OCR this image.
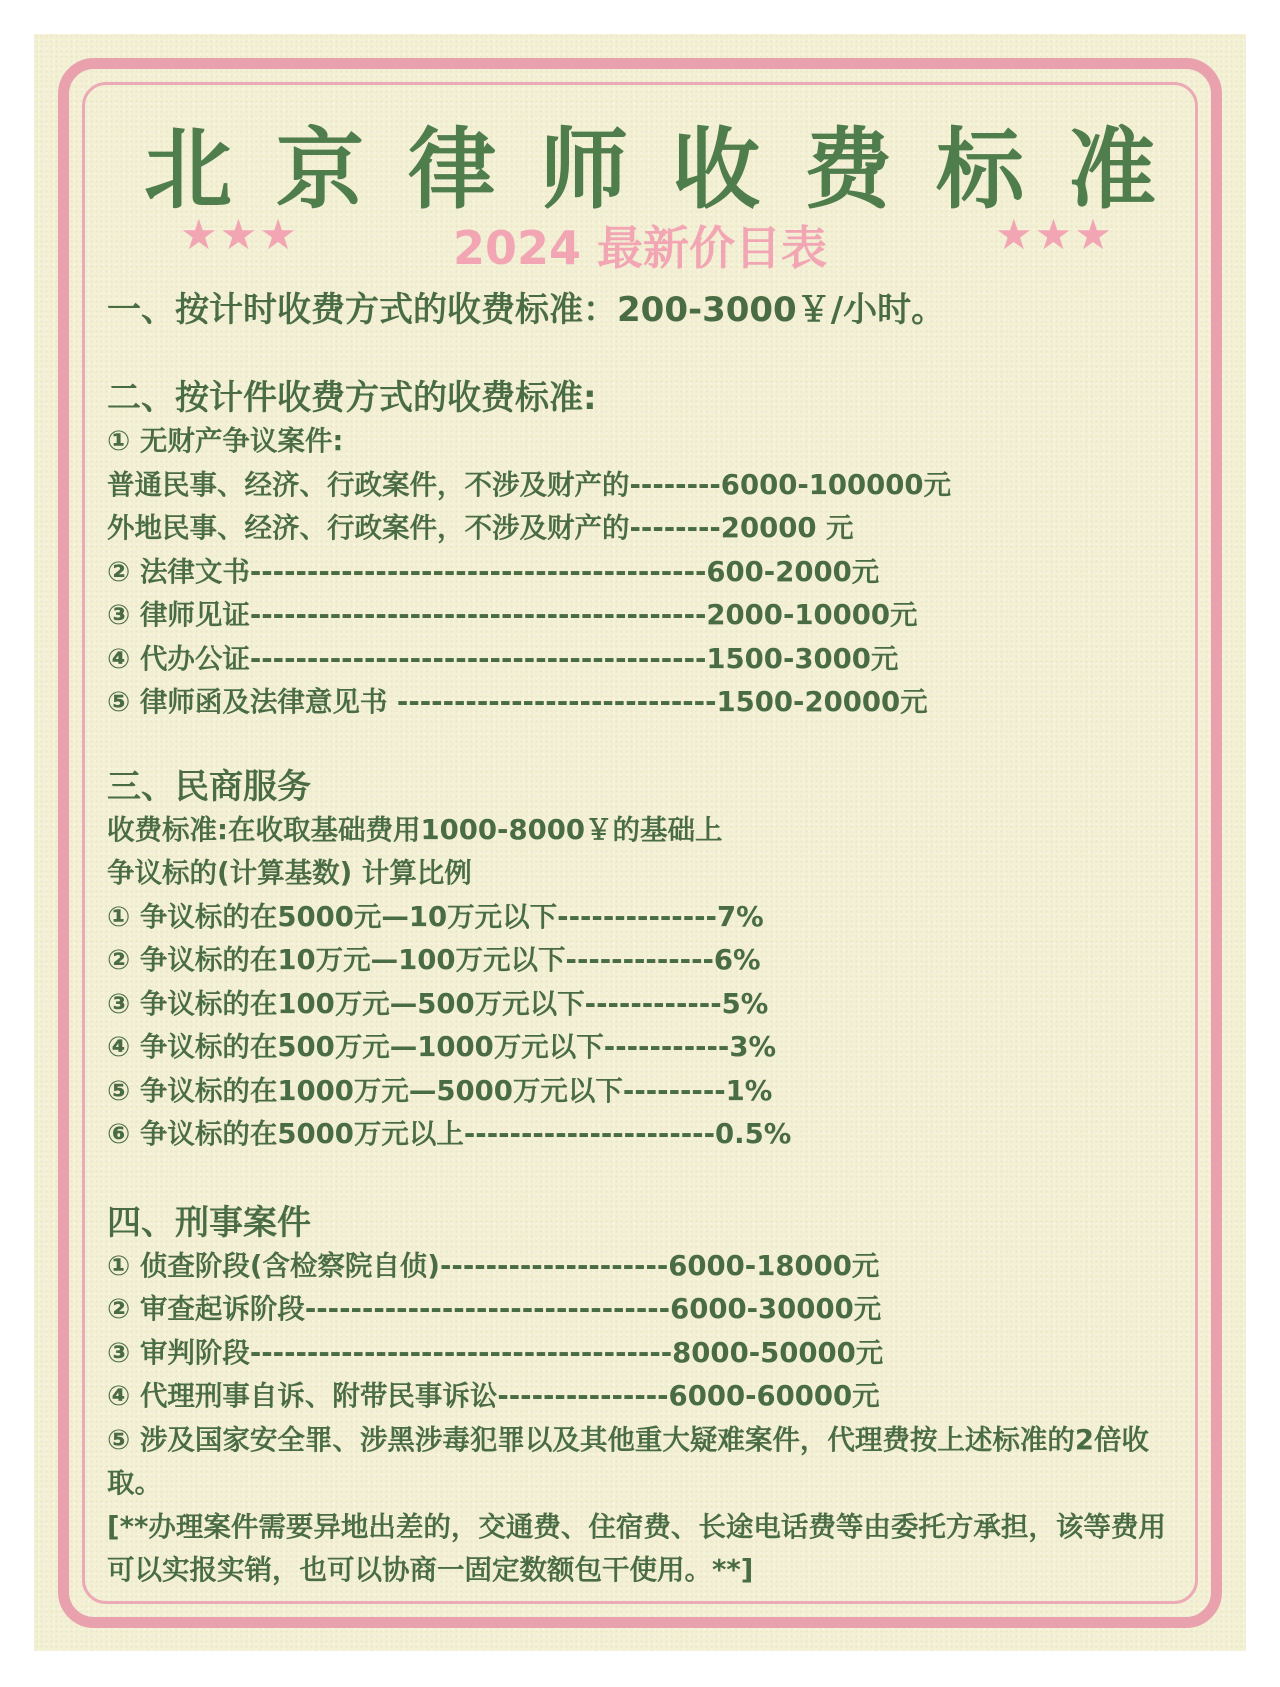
北京律师收费标准
★★★	2024 最新价目表	★★★
一、按计时收费方式的收费标准：200-3000￥/小时。
二、按计件收费方式的收费标准:
① 无财产争议案件:
普通民事、经济、行政案件，不涉及财产的--------6000-100000元
外地民事、经济、行政案件，不涉及财产的--------20000 元
② 法律文书----------------------------------------600-2000元
③ 律师见证----------------------------------------2000-10000元
④ 代办公证----------------------------------------1500-3000元
⑤ 律师函及法律意见书 ----------------------------1500-20000元
三、民商服务
收费标准:在收取基础费用1000-8000￥的基础上
争议标的(计算基数) 计算比例
① 争议标的在5000元—10万元以下--------------7%
② 争议标的在10万元—100万元以下-------------6%
③ 争议标的在100万元—500万元以下------------5%
④ 争议标的在500万元—1000万元以下-----------3%
⑤ 争议标的在1000万元—5000万元以下---------1%
⑥ 争议标的在5000万元以上----------------------0.5%
四、刑事案件
① 侦查阶段(含检察院自侦)--------------------6000-18000元
② 审查起诉阶段--------------------------------6000-30000元
③ 审判阶段-------------------------------------8000-50000元
④ 代理刑事自诉、附带民事诉讼---------------6000-60000元
⑤ 涉及国家安全罪、涉黑涉毒犯罪以及其他重大疑难案件，代理费按上述标准的2倍收取。
[**办理案件需要异地出差的，交通费、住宿费、长途电话费等由委托方承担，该等费用可以实报实销，也可以协商一固定数额包干使用。**]
